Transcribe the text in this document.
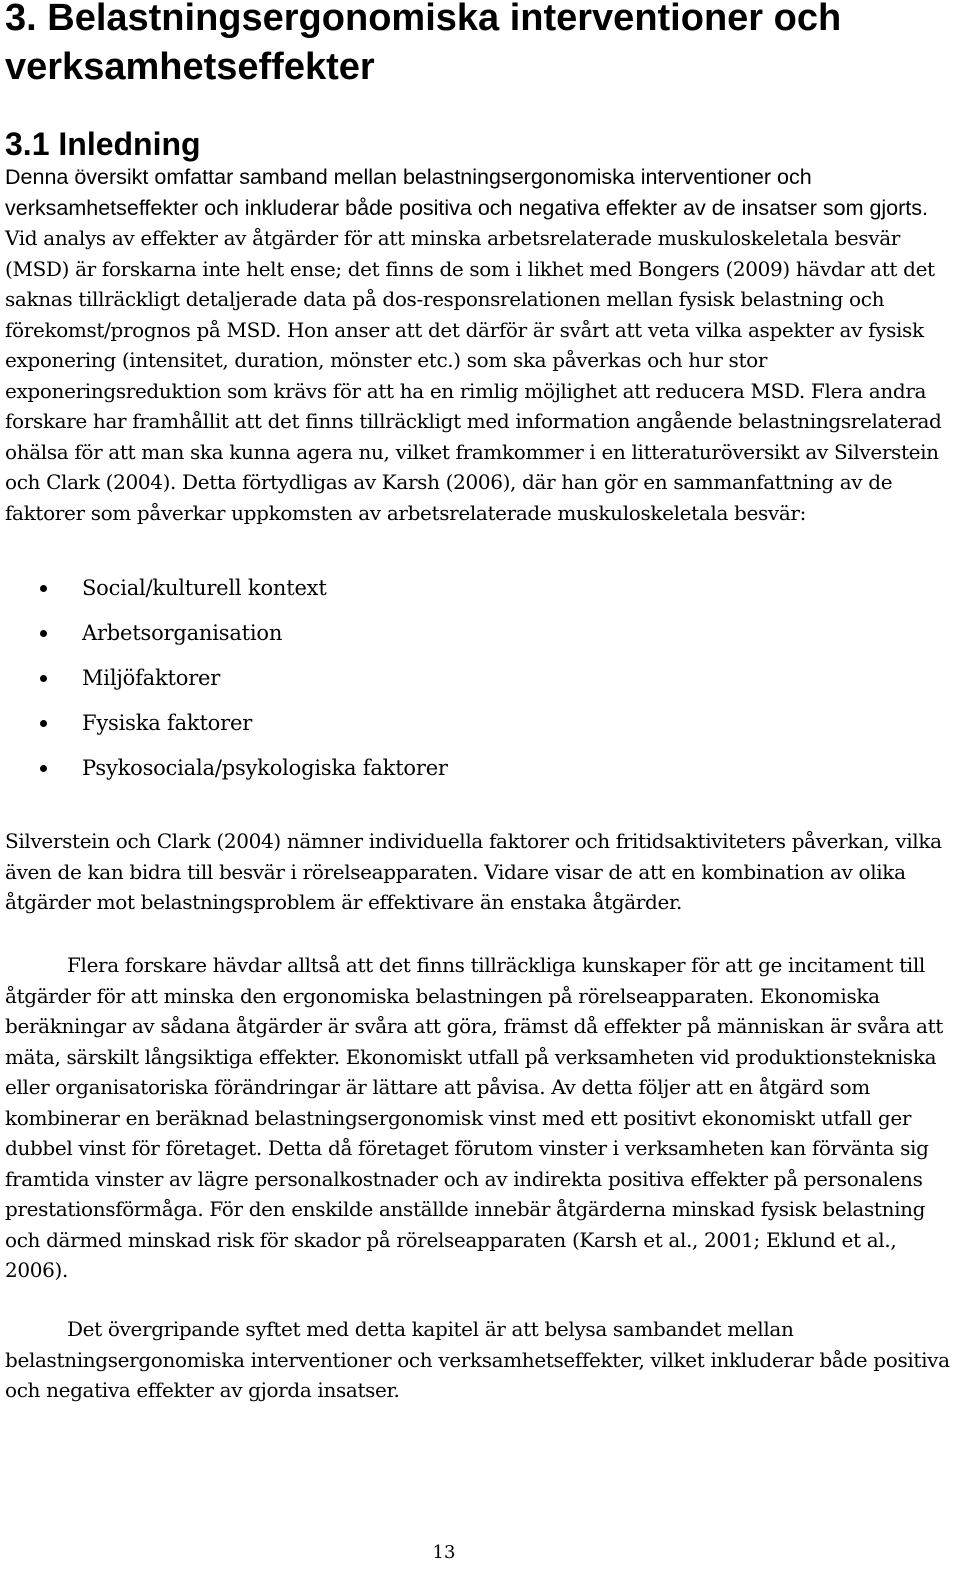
3. Belastningsergonomiska interventioner och verksamhetseffekter
3.1 Inledning

Denna översikt omfattar samband mellan belastningsergonomiska interventioner och verksamhetseffekter och inkluderar både positiva och negativa effekter av de insatser som gjorts. Vid analys av effekter av åtgärder för att minska arbetsrelaterade muskuloskeletala besvär (MSD) är forskarna inte helt ense; det finns de som i likhet med Bongers (2009) hävdar att det saknas tillräckligt detaljerade data på dos-responsrelationen mellan fysisk belastning och förekomst/prognos på MSD. Hon anser att det därför är svårt att veta vilka aspekter av fysisk exponering (intensitet, duration, mönster etc.) som ska påverkas och hur stor exponeringsreduktion som krävs för att ha en rimlig möjlighet att reducera MSD. Flera andra forskare har framhållit att det finns tillräckligt med information angående belastningsrelaterad ohälsa för att man ska kunna agera nu, vilket framkommer i en litteraturöversikt av Silverstein och Clark (2004). Detta förtydligas av Karsh (2006), där han gör en sammanfattning av de faktorer som påverkar uppkomsten av arbetsrelaterade muskuloskeletala besvär:

Social/kulturell kontext
Arbetsorganisation
Miljöfaktorer
Fysiska faktorer
Psykosociala/psykologiska faktorer

Silverstein och Clark (2004) nämner individuella faktorer och fritidsaktiviteters påverkan, vilka även de kan bidra till besvär i rörelseapparaten. Vidare visar de att en kombination av olika åtgärder mot belastningsproblem är effektivare än enstaka åtgärder.

Flera forskare hävdar alltså att det finns tillräckliga kunskaper för att ge incitament till åtgärder för att minska den ergonomiska belastningen på rörelseapparaten. Ekonomiska beräkningar av sådana åtgärder är svåra att göra, främst då effekter på människan är svåra att mäta, särskilt långsiktiga effekter. Ekonomiskt utfall på verksamheten vid produktionstekniska eller organisatoriska förändringar är lättare att påvisa. Av detta följer att en åtgärd som kombinerar en beräknad belastningsergonomisk vinst med ett positivt ekonomiskt utfall ger dubbel vinst för företaget. Detta då företaget förutom vinster i verksamheten kan förvänta sig framtida vinster av lägre personalkostnader och av indirekta positiva effekter på personalens prestationsförmåga. För den enskilde anställde innebär åtgärderna minskad fysisk belastning och därmed minskad risk för skador på rörelseapparaten (Karsh et al., 2001; Eklund et al., 2006).

Det övergripande syftet med detta kapitel är att belysa sambandet mellan belastningsergonomiska interventioner och verksamhetseffekter, vilket inkluderar både positiva och negativa effekter av gjorda insatser.

13
